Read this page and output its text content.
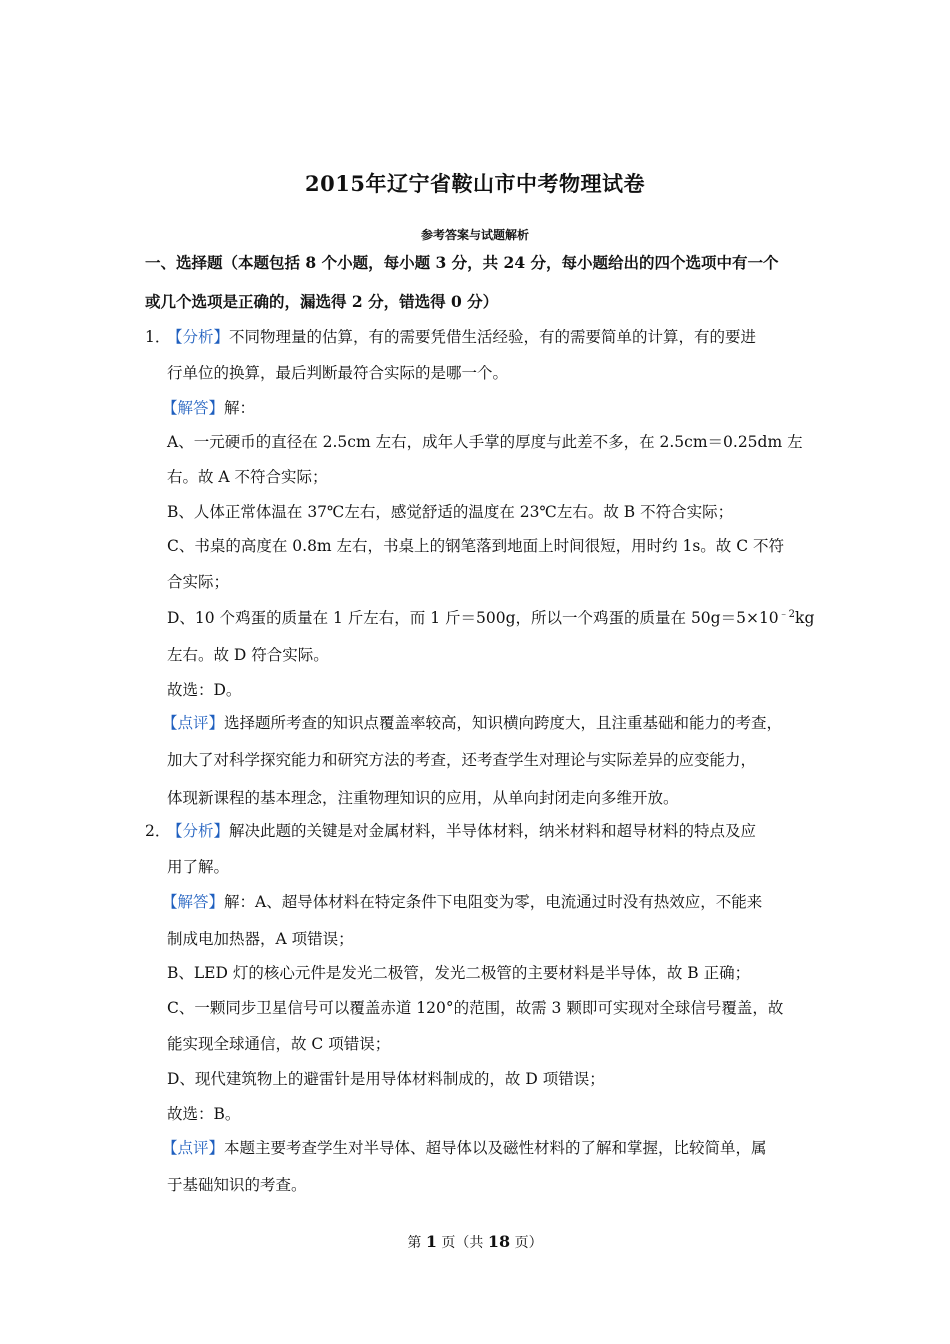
2015年辽宁省鞍山市中考物理试卷
参考答案与试题解析
一、选择题（本题包括 8 个小题，每小题 3 分，共 24 分，每小题给出的四个选项中有一个
或几个选项是正确的，漏选得 2 分，错选得 0 分）
1．
【分析】不同物理量的估算，有的需要凭借生活经验，有的需要简单的计算，有的要进
行单位的换算，最后判断最符合实际的是哪一个。
【解答】解：
A、一元硬币的直径在 2.5cm 左右，成年人手掌的厚度与此差不多，在 2.5cm＝0.25dm 左
右。故 A 不符合实际；
B、人体正常体温在 37℃左右，感觉舒适的温度在 23℃左右。故 B 不符合实际；
C、书桌的高度在 0.8m 左右，书桌上的钢笔落到地面上时间很短，用时约 1s。故 C 不符
合实际；
D、10 个鸡蛋的质量在 1 斤左右，而 1 斤＝500g，所以一个鸡蛋的质量在 $50g=5\times 10^{﹣2}kg$
左右。故 D 符合实际。
故选：D。
【点评】选择题所考查的知识点覆盖率较高，知识横向跨度大，且注重基础和能力的考查，
加大了对科学探究能力和研究方法的考查，还考查学生对理论与实际差异的应变能力，
体现新课程的基本理念，注重物理知识的应用，从单向封闭走向多维开放。
2．
【分析】解决此题的关键是对金属材料，半导体材料，纳米材料和超导材料的特点及应
用了解。
【解答】解：A、超导体材料在特定条件下电阻变为零，电流通过时没有热效应，不能来
制成电加热器，A 项错误；
B、LED 灯的核心元件是发光二极管，发光二极管的主要材料是半导体，故 B 正确；
C、一颗同步卫星信号可以覆盖赤道 120°的范围，故需 3 颗即可实现对全球信号覆盖，故
能实现全球通信，故 C 项错误；
D、现代建筑物上的避雷针是用导体材料制成的，故 D 项错误；
故选：B。
【点评】本题主要考查学生对半导体、超导体以及磁性材料的了解和掌握，比较简单，属
于基础知识的考查。
第 1 页（共 18 页）
